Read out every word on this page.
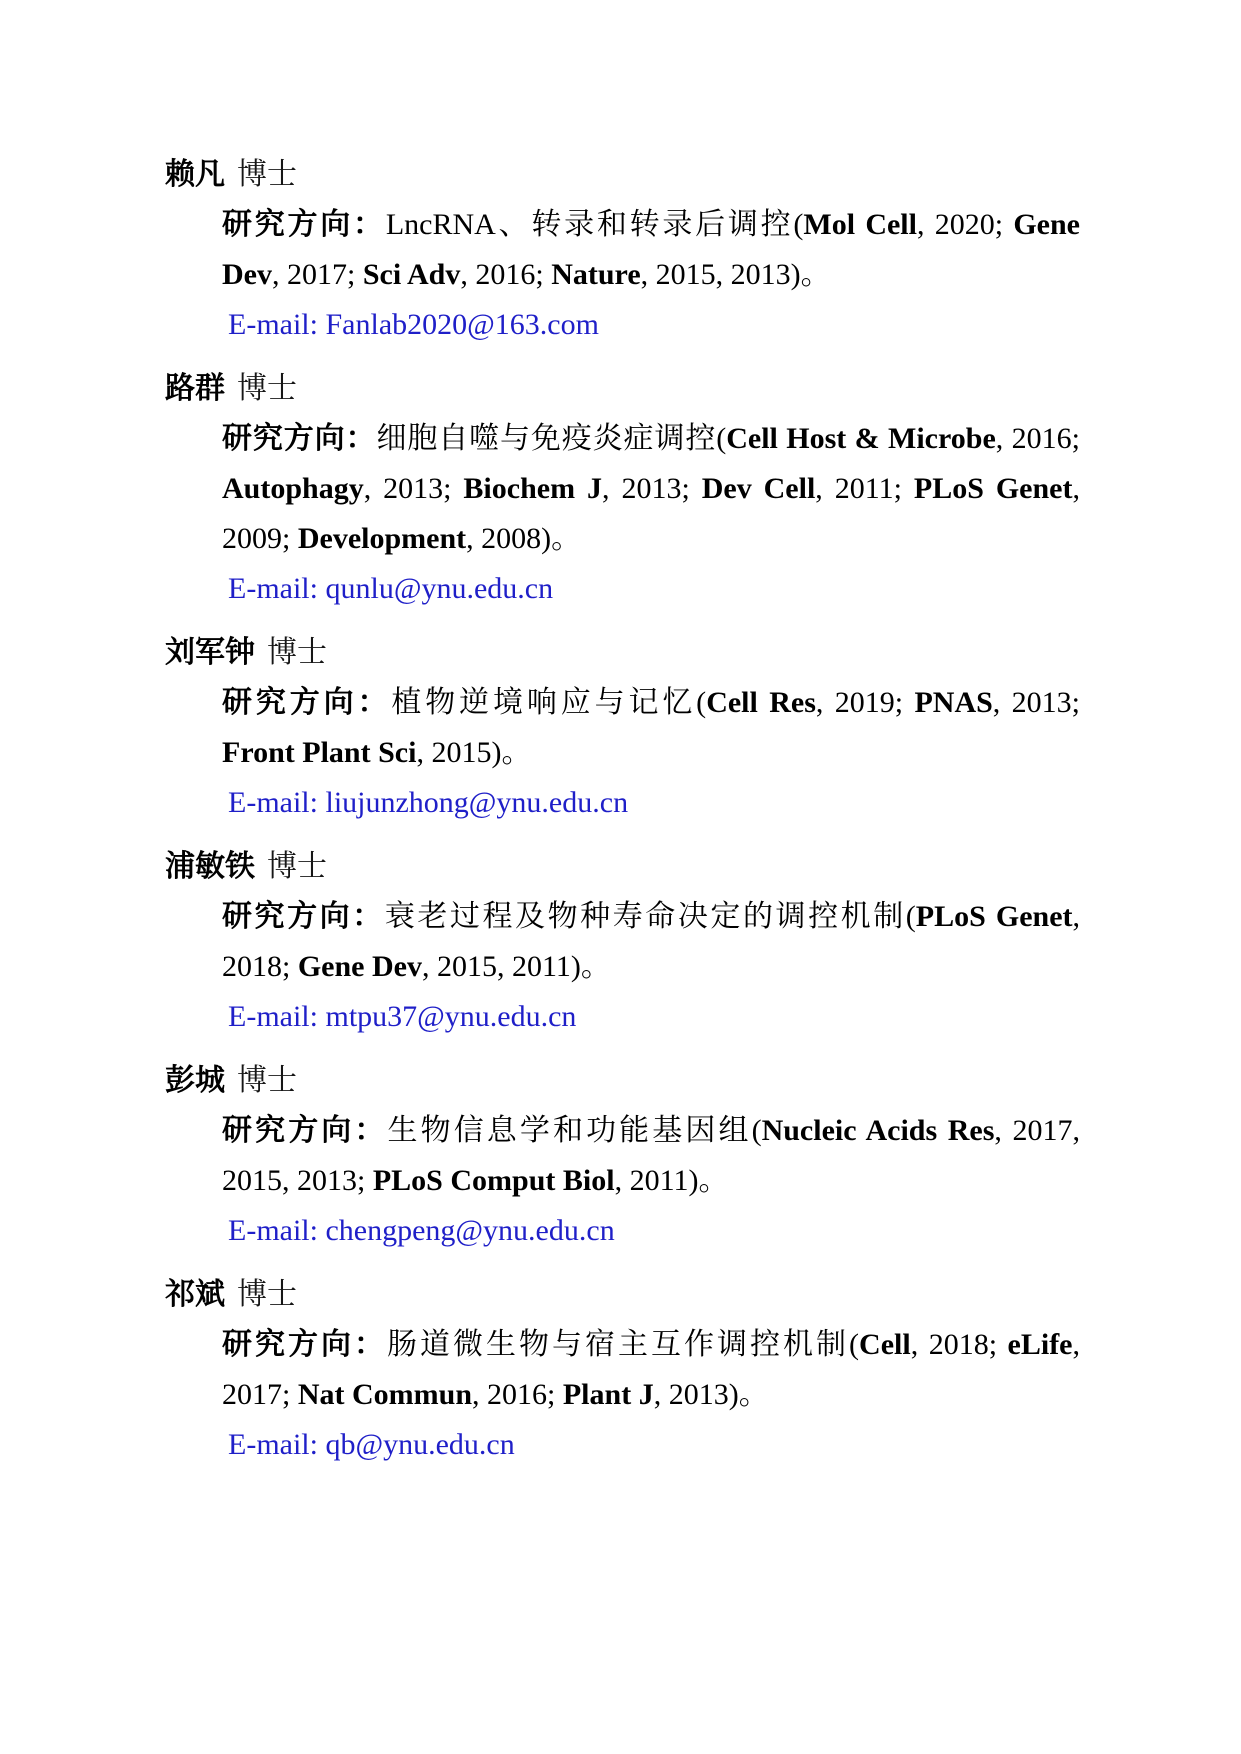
赖凡 博士

研究方向：LncRNA、转录和转录后调控(Mol Cell, 2020; Gene Dev, 2017; Sci Adv, 2016; Nature, 2015, 2013)。

E-mail: Fanlab2020@163.com

路群 博士

研究方向：细胞自噬与免疫炎症调控(Cell Host & Microbe, 2016; Autophagy, 2013; Biochem J, 2013; Dev Cell, 2011; PLoS Genet, 2009; Development, 2008)。

E-mail: qunlu@ynu.edu.cn

刘军钟 博士

研究方向：植物逆境响应与记忆(Cell Res, 2019; PNAS, 2013; Front Plant Sci, 2015)。

E-mail: liujunzhong@ynu.edu.cn

浦敏铁 博士

研究方向：衰老过程及物种寿命决定的调控机制(PLoS Genet, 2018; Gene Dev, 2015, 2011)。

E-mail: mtpu37@ynu.edu.cn

彭城 博士

研究方向：生物信息学和功能基因组(Nucleic Acids Res, 2017, 2015, 2013; PLoS Comput Biol, 2011)。

E-mail: chengpeng@ynu.edu.cn

祁斌 博士

研究方向：肠道微生物与宿主互作调控机制(Cell, 2018; eLife, 2017; Nat Commun, 2016; Plant J, 2013)。

E-mail: qb@ynu.edu.cn
